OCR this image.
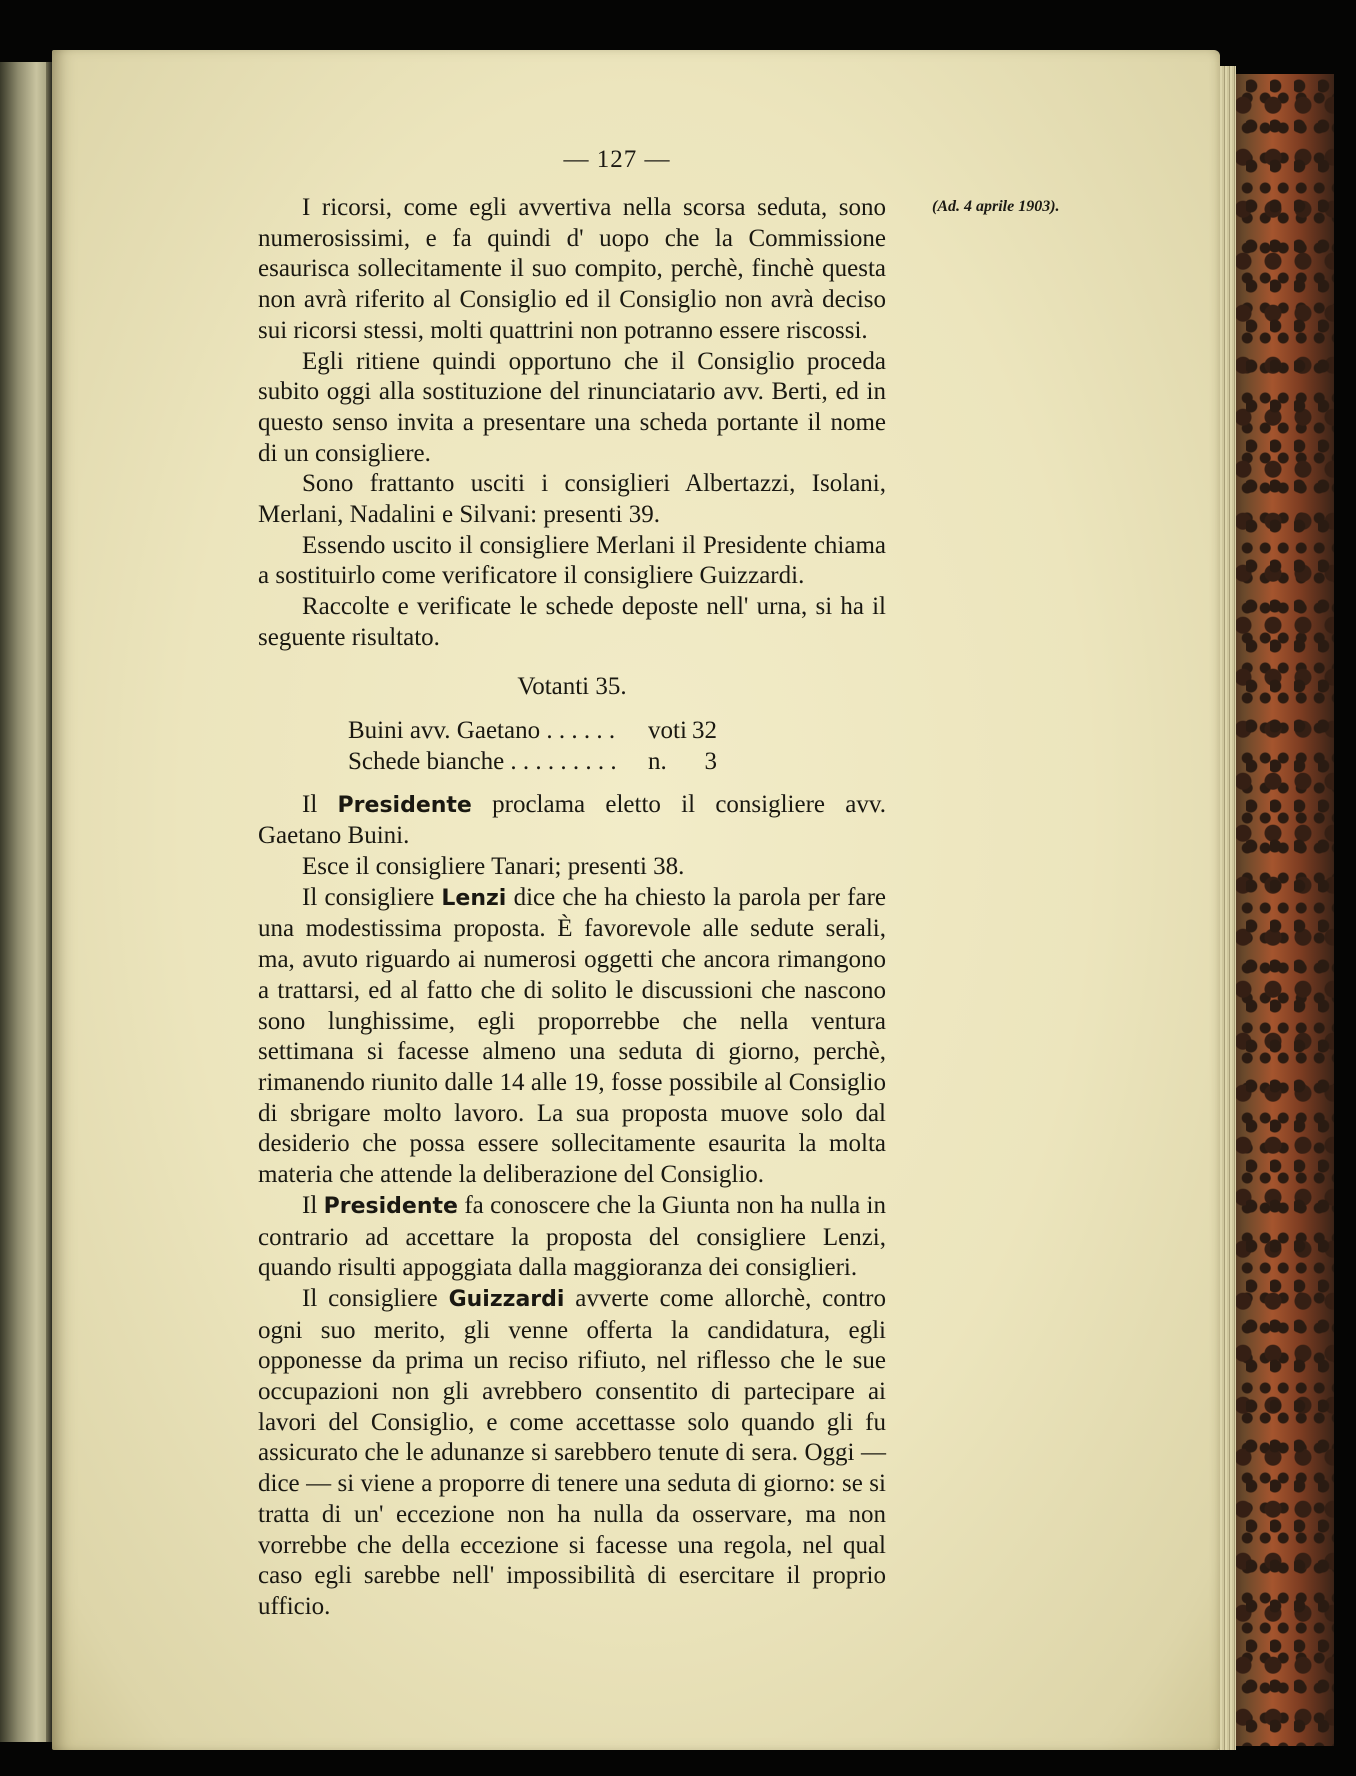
— 127 —
(Ad. 4 aprile 1903).

I ricorsi, come egli avvertiva nella scorsa seduta, sono numerosissimi, e fa quindi d' uopo che la Commissione esaurisca sollecitamente il suo compito, perchè, finchè questa non avrà riferito al Consiglio ed il Consiglio non avrà deciso sui ricorsi stessi, molti quattrini non potranno essere riscossi.

Egli ritiene quindi opportuno che il Consiglio proceda subito oggi alla sostituzione del rinunciatario avv. Berti, ed in questo senso invita a presentare una scheda portante il nome di un consigliere.

Sono frattanto usciti i consiglieri Albertazzi, Isolani, Merlani, Nadalini e Silvani: presenti 39.

Essendo uscito il consigliere Merlani il Presidente chiama a sostituirlo come verificatore il consigliere Guizzardi.

Raccolte e verificate le schede deposte nell' urna, si ha il seguente risultato.

Votanti 35.
Buini avv. Gaetano . . . . . .	voti	32
Schede bianche . . . . . . . . .	n.	3

Il Presidente proclama eletto il consigliere avv. Gaetano Buini.

Esce il consigliere Tanari; presenti 38.

Il consigliere Lenzi dice che ha chiesto la parola per fare una modestissima proposta. È favorevole alle sedute serali, ma, avuto riguardo ai numerosi oggetti che ancora rimangono a trattarsi, ed al fatto che di solito le discussioni che nascono sono lunghissime, egli proporrebbe che nella ventura settimana si facesse almeno una seduta di giorno, perchè, rimanendo riunito dalle 14 alle 19, fosse possibile al Consiglio di sbrigare molto lavoro. La sua proposta muove solo dal desiderio che possa essere sollecitamente esaurita la molta materia che attende la deliberazione del Consiglio.

Il Presidente fa conoscere che la Giunta non ha nulla in contrario ad accettare la proposta del consigliere Lenzi, quando risulti appoggiata dalla maggioranza dei consiglieri.

Il consigliere Guizzardi avverte come allorchè, contro ogni suo merito, gli venne offerta la candidatura, egli opponesse da prima un reciso rifiuto, nel riflesso che le sue occupazioni non gli avrebbero consentito di partecipare ai lavori del Consiglio, e come accettasse solo quando gli fu assicurato che le adunanze si sarebbero tenute di sera. Oggi — dice — si viene a proporre di tenere una seduta di giorno: se si tratta di un' eccezione non ha nulla da osservare, ma non vorrebbe che della eccezione si facesse una regola, nel qual caso egli sarebbe nell' impossibilità di esercitare il proprio ufficio.
